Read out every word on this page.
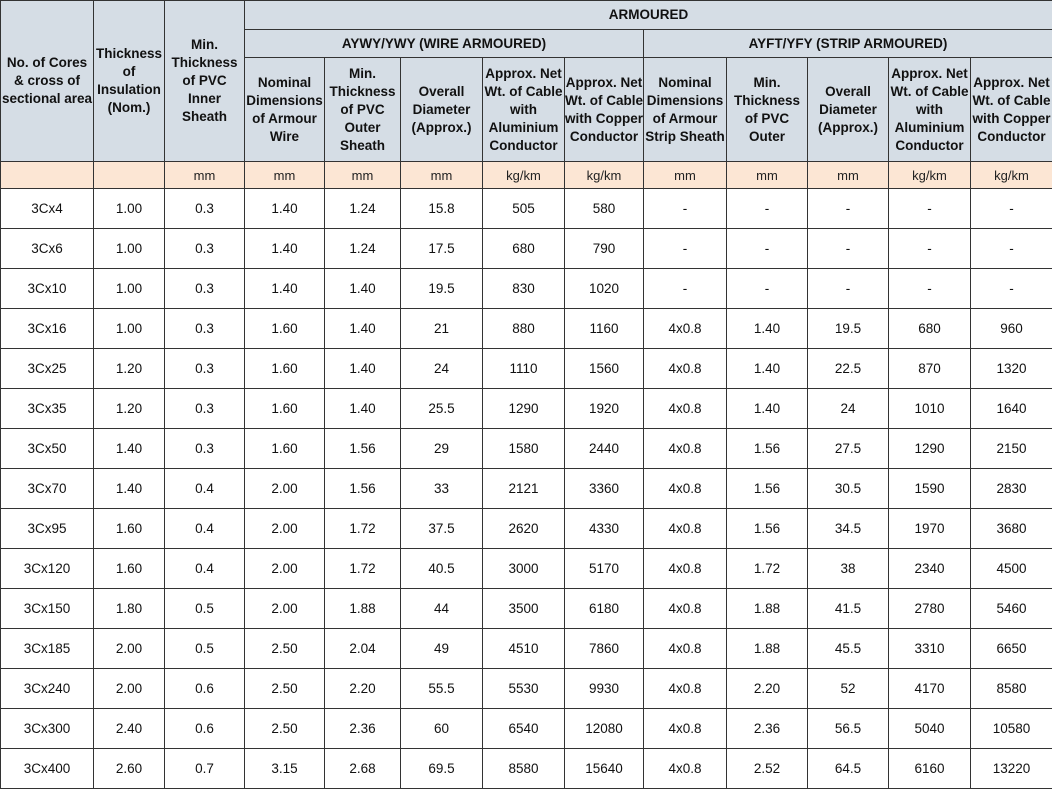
No. of Cores & cross of sectional area	Thickness of Insulation (Nom.)	Min. Thickness of PVC Inner Sheath	ARMOURED									
			AYWY/YWY (WIRE ARMOURED)					AYFT/YFY (STRIP ARMOURED)				
			Nominal Dimensions of Armour Wire	Min. Thickness of PVC Outer Sheath	Overall Diameter (Approx.)	Approx. Net Wt. of Cable with Aluminium Conductor	Approx. Net Wt. of Cable with Copper Conductor	Nominal Dimensions of Armour Strip Sheath	Min. Thickness of PVC Outer	Overall Diameter (Approx.)	Approx. Net Wt. of Cable with Aluminium Conductor	Approx. Net Wt. of Cable with Copper Conductor
		mm	mm	mm	mm	kg/km	kg/km	mm	mm	mm	kg/km	kg/km
3Cx4	1.00	0.3	1.40	1.24	15.8	505	580	-	-	-	-	-
3Cx6	1.00	0.3	1.40	1.24	17.5	680	790	-	-	-	-	-
3Cx10	1.00	0.3	1.40	1.40	19.5	830	1020	-	-	-	-	-
3Cx16	1.00	0.3	1.60	1.40	21	880	1160	4x0.8	1.40	19.5	680	960
3Cx25	1.20	0.3	1.60	1.40	24	1110	1560	4x0.8	1.40	22.5	870	1320
3Cx35	1.20	0.3	1.60	1.40	25.5	1290	1920	4x0.8	1.40	24	1010	1640
3Cx50	1.40	0.3	1.60	1.56	29	1580	2440	4x0.8	1.56	27.5	1290	2150
3Cx70	1.40	0.4	2.00	1.56	33	2121	3360	4x0.8	1.56	30.5	1590	2830
3Cx95	1.60	0.4	2.00	1.72	37.5	2620	4330	4x0.8	1.56	34.5	1970	3680
3Cx120	1.60	0.4	2.00	1.72	40.5	3000	5170	4x0.8	1.72	38	2340	4500
3Cx150	1.80	0.5	2.00	1.88	44	3500	6180	4x0.8	1.88	41.5	2780	5460
3Cx185	2.00	0.5	2.50	2.04	49	4510	7860	4x0.8	1.88	45.5	3310	6650
3Cx240	2.00	0.6	2.50	2.20	55.5	5530	9930	4x0.8	2.20	52	4170	8580
3Cx300	2.40	0.6	2.50	2.36	60	6540	12080	4x0.8	2.36	56.5	5040	10580
3Cx400	2.60	0.7	3.15	2.68	69.5	8580	15640	4x0.8	2.52	64.5	6160	13220
